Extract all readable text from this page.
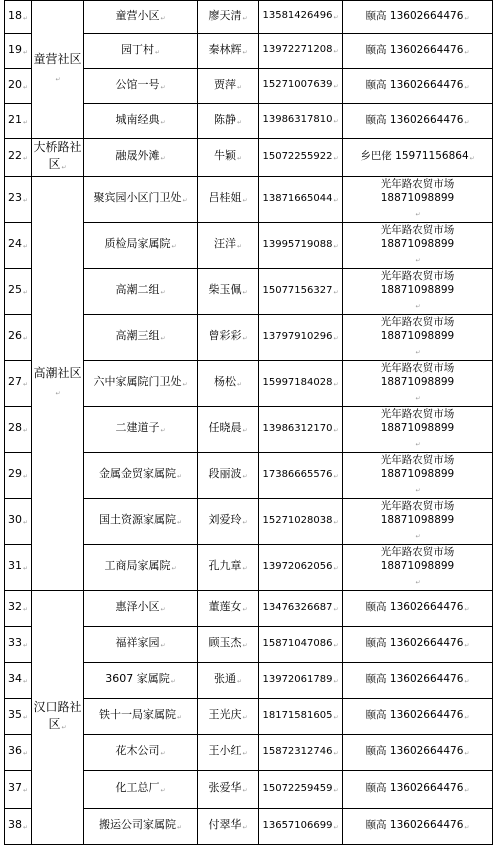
18↵	童营社区↵	童营小区↵	廖天清↵	13581426496↵	颐高 13602664476↵
19↵		园丁村↵	秦林辉↵	13972271208↵	颐高 13602664476↵
20↵		公馆一号↵	贾萍↵	15271007639↵	颐高 13602664476↵
21↵		城南经典↵	陈静↵	13986317810↵	颐高 13602664476↵
22↵	大桥路社区↵	融晟外滩↵	牛颖↵	15072255922↵	乡巴佬 15971156864↵
23↵	高潮社区↵	聚宾园小区门卫处↵	吕桂姐↵	13871665044↵	光年路农贸市场 18871098899
↵
24↵		质检局家属院↵	汪洋↵	13995719088↵	光年路农贸市场 18871098899
↵
25↵		高潮二组↵	柴玉佩↵	15077156327↵	光年路农贸市场 18871098899
↵
26↵		高潮三组↵	曾彩彩↵	13797910296↵	光年路农贸市场 18871098899
↵
27↵		六中家属院门卫处↵	杨松↵	15997184028↵	光年路农贸市场 18871098899
↵
28↵		二建道子↵	任晓晨↵	13986312170↵	光年路农贸市场 18871098899
↵
29↵		金属金贸家属院↵	段丽波↵	17386665576↵	光年路农贸市场 18871098899
↵
30↵		国土资源家属院↵	刘爱玲↵	15271028038↵	光年路农贸市场 18871098899
↵
31↵		工商局家属院↵	孔九章↵	13972062056↵	光年路农贸市场 18871098899
↵
32↵	汉口路社区↵	惠泽小区↵	董莲女↵	13476326687↵	颐高 13602664476↵
33↵		福祥家园↵	顾玉杰↵	15871047086↵	颐高 13602664476↵
34↵		3607 家属院↵	张通↵	13972061789↵	颐高 13602664476↵
35↵		铁十一局家属院↵	王光庆↵	18171581605↵	颐高 13602664476↵
36↵		花木公司↵	王小红↵	15872312746↵	颐高 13602664476↵
37↵		化工总厂↵	张爱华↵	15072259459↵	颐高 13602664476↵
38↵		搬运公司家属院↵	付翠华↵	13657106699↵	颐高 13602664476↵
